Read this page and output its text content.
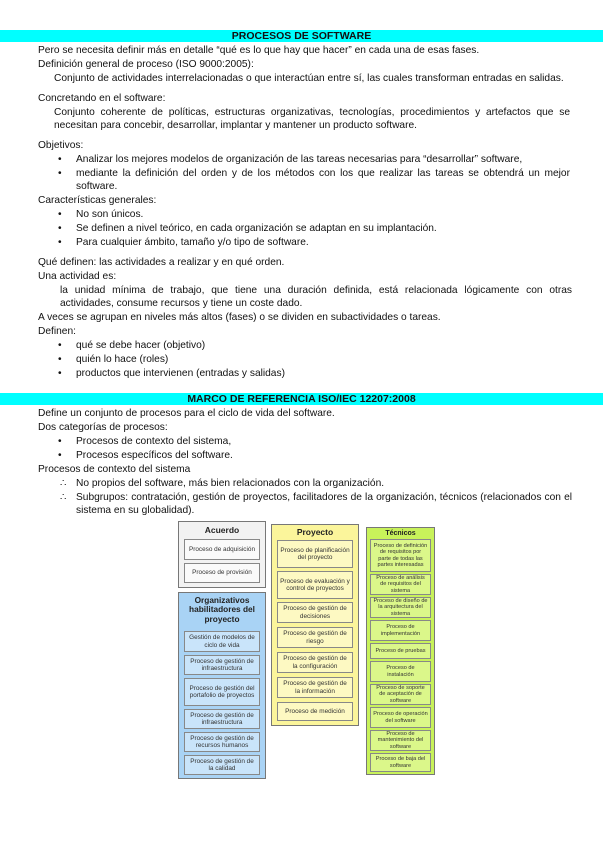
PROCESOS DE SOFTWARE
Pero se necesita definir más en detalle “qué es lo que hay que hacer” en cada una de esas fases.
Definición general de proceso (ISO 9000:2005):
Conjunto de actividades interrelacionadas o que interactúan entre sí, las cuales transforman entradas en salidas.
Concretando en el software:
Conjunto coherente de políticas, estructuras organizativas, tecnologías, procedimientos y artefactos que se necesitan para concebir, desarrollar, implantar y mantener un producto software.
Objetivos:
• Analizar los mejores modelos de organización de las tareas necesarias para “desarrollar” software,
• mediante la definición del orden y de los métodos con los que realizar las tareas se obtendrá un mejor software.
Características generales:
• No son únicos.
• Se definen a nivel teórico, en cada organización se adaptan en su implantación.
• Para cualquier ámbito, tamaño y/o tipo de software.
Qué definen: las actividades a realizar y en qué orden.
Una actividad es:
la unidad mínima de trabajo, que tiene una duración definida, está relacionada lógicamente con otras actividades, consume recursos y tiene un coste dado.
A veces se agrupan en niveles más altos (fases) o se dividen en subactividades o tareas.
Definen:
• qué se debe hacer (objetivo)
• quién lo hace (roles)
• productos que intervienen (entradas y salidas)
MARCO DE REFERENCIA ISO/IEC 12207:2008
Define un conjunto de procesos para el ciclo de vida del software.
Dos categorías de procesos:
• Procesos de contexto del sistema,
• Procesos específicos del software.
Procesos de contexto del sistema
∴ No propios del software, más bien relacionados con la organización.
∴ Subgrupos: contratación, gestión de proyectos, facilitadores de la organización, técnicos (relacionados con el sistema en su globalidad).
Acuerdo
Proceso de adquisición
Proceso de provisión
Organizativos habilitadores del proyecto
Gestión de modelos de ciclo de vida
Proceso de gestión de infraestructura
Proceso de gestión del portafolio de proyectos
Proceso de gestión de infraestructura
Proceso de gestión de recursos humanos
Proceso de gestión de la calidad
Proyecto
Proceso de planificación del proyecto
Proceso de evaluación y control de proyectos
Proceso de gestión de decisiones
Proceso de gestión de riesgo
Proceso de gestión de la configuración
Proceso de gestión de la información
Proceso de medición
Técnicos
Proceso de definición de requisitos por parte de todas las partes interesadas
Proceso de análisis de requisitos del sistema
Proceso de diseño de la arquitectura del sistema
Proceso de implementación
Proceso de pruebas
Proceso de instalación
Proceso de soporte de aceptación de software
Proceso de operación del software
Proceso de mantenimiento del software
Proceso de baja del software
